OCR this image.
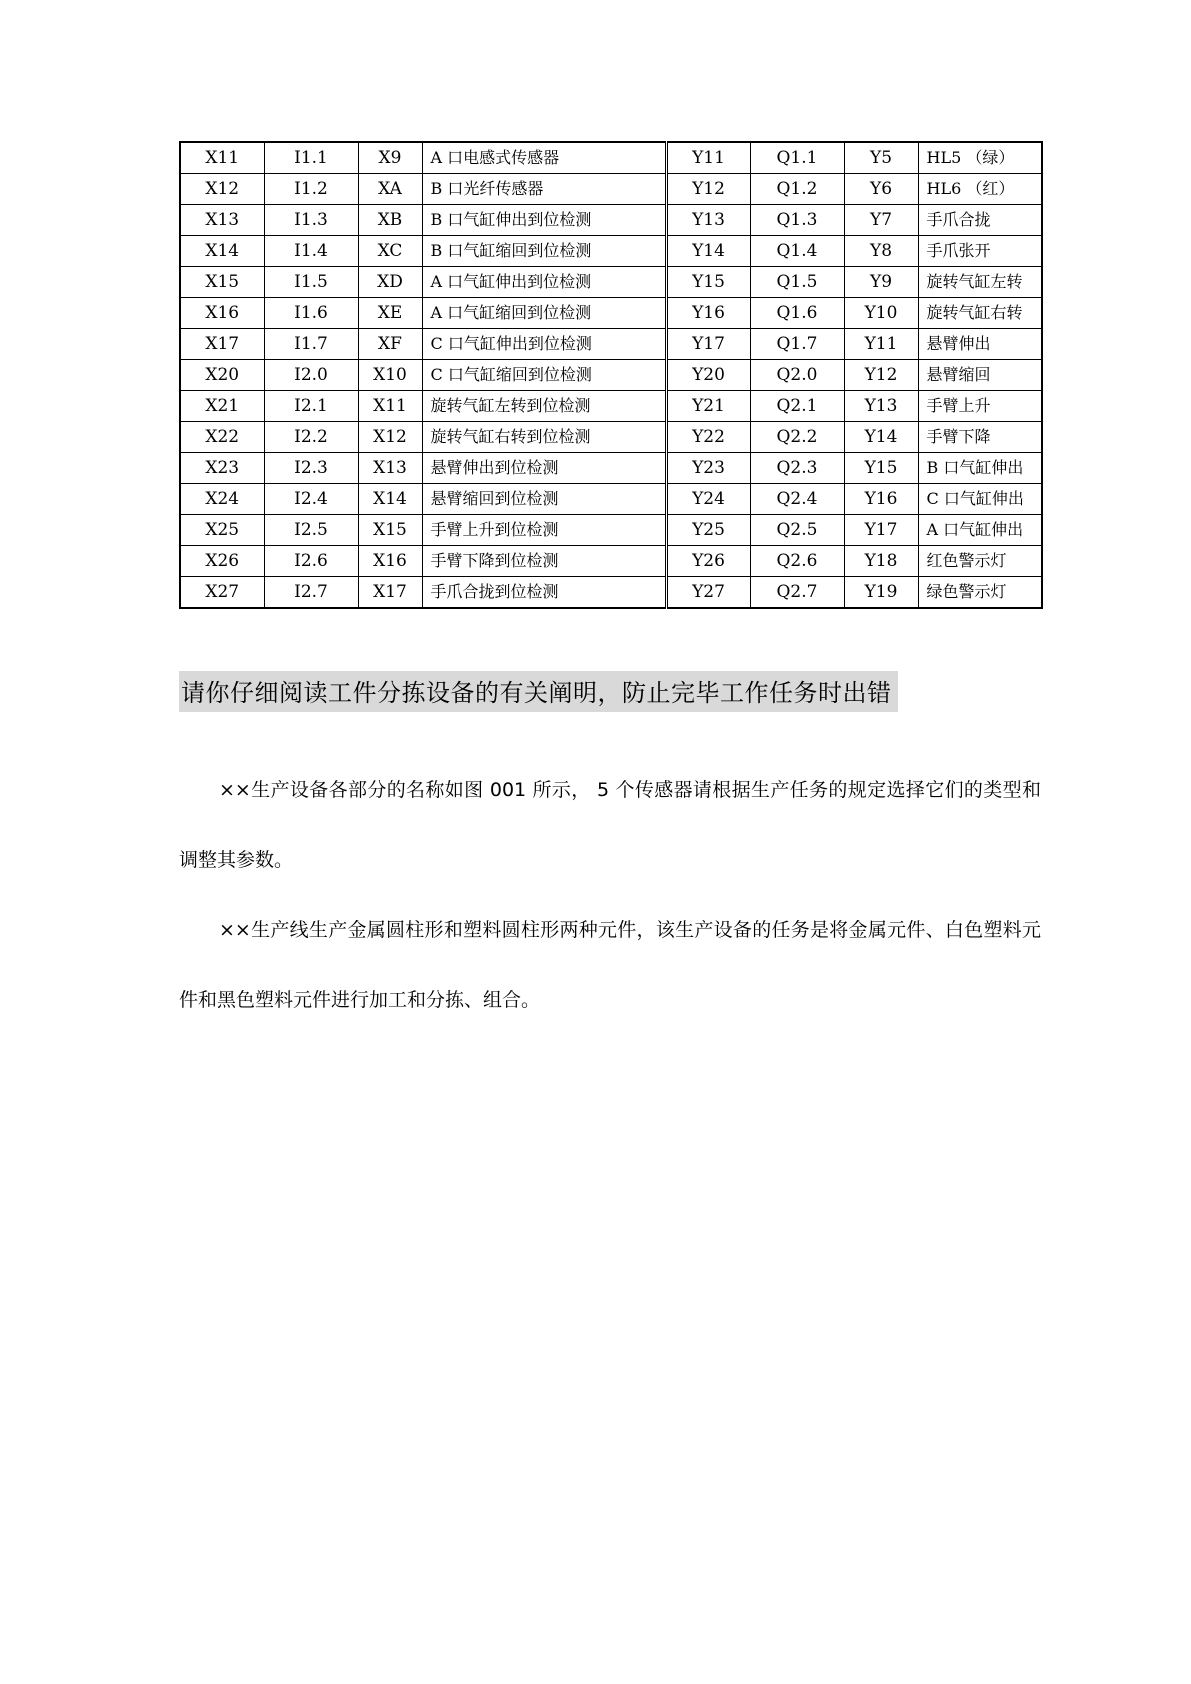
X11	I1.1	X9	A 口电感式传感器	Y11	Q1.1	Y5	HL5 （绿）
X12	I1.2	XA	B 口光纤传感器	Y12	Q1.2	Y6	HL6 （红）
X13	I1.3	XB	B 口气缸伸出到位检测	Y13	Q1.3	Y7	手爪合拢
X14	I1.4	XC	B 口气缸缩回到位检测	Y14	Q1.4	Y8	手爪张开
X15	I1.5	XD	A 口气缸伸出到位检测	Y15	Q1.5	Y9	旋转气缸左转
X16	I1.6	XE	A 口气缸缩回到位检测	Y16	Q1.6	Y10	旋转气缸右转
X17	I1.7	XF	C 口气缸伸出到位检测	Y17	Q1.7	Y11	悬臂伸出
X20	I2.0	X10	C 口气缸缩回到位检测	Y20	Q2.0	Y12	悬臂缩回
X21	I2.1	X11	旋转气缸左转到位检测	Y21	Q2.1	Y13	手臂上升
X22	I2.2	X12	旋转气缸右转到位检测	Y22	Q2.2	Y14	手臂下降
X23	I2.3	X13	悬臂伸出到位检测	Y23	Q2.3	Y15	B 口气缸伸出
X24	I2.4	X14	悬臂缩回到位检测	Y24	Q2.4	Y16	C 口气缸伸出
X25	I2.5	X15	手臂上升到位检测	Y25	Q2.5	Y17	A 口气缸伸出
X26	I2.6	X16	手臂下降到位检测	Y26	Q2.6	Y18	红色警示灯
X27	I2.7	X17	手爪合拢到位检测	Y27	Q2.7	Y19	绿色警示灯
请你仔细阅读工件分拣设备的有关阐明，防止完毕工作任务时出错

××生产设备各部分的名称如图 001 所示， 5 个传感器请根据生产任务的规定选择它们的类型和调整其参数。

××生产线生产金属圆柱形和塑料圆柱形两种元件，该生产设备的任务是将金属元件、白色塑料元件和黑色塑料元件进行加工和分拣、组合。
